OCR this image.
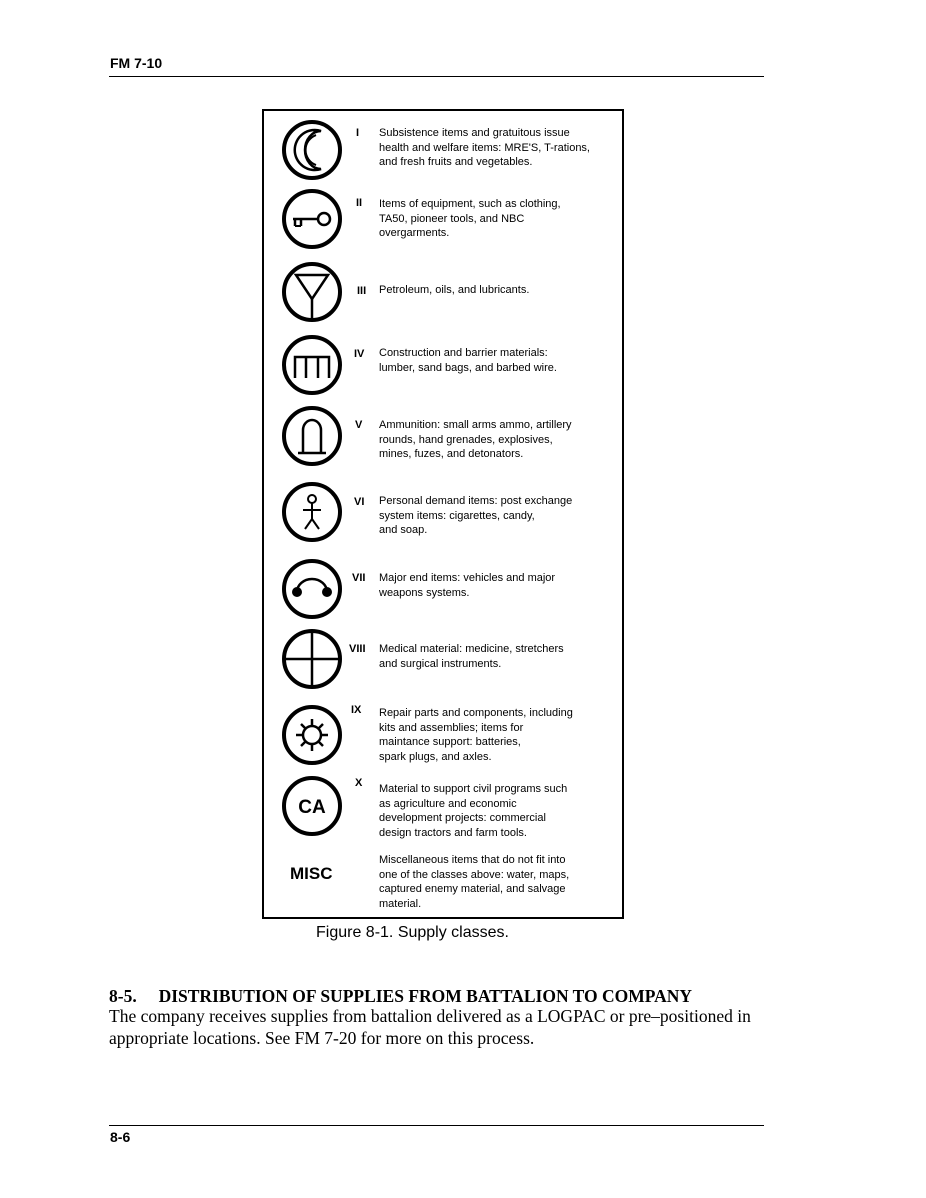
FM 7-10
I Subsistence items and gratuitous issue
health and welfare items: MRE'S, T-rations,
and fresh fruits and vegetables.
II Items of equipment, such as clothing,
TA50, pioneer tools, and NBC
overgarments.
III Petroleum, oils, and lubricants.
IV Construction and barrier materials:
lumber, sand bags, and barbed wire.
V Ammunition: small arms ammo, artillery
rounds, hand grenades, explosives,
mines, fuzes, and detonators.
VI Personal demand items: post exchange
system items: cigarettes, candy,
and soap.
VII Major end items: vehicles and major
weapons systems.
VIII Medical material: medicine, stretchers
and surgical instruments.
IX Repair parts and components, including
kits and assemblies; items for
maintance support: batteries,
spark plugs, and axles.
CA
X Material to support civil programs such
as agriculture and economic
development projects: commercial
design tractors and farm tools.
MISC
Miscellaneous items that do not fit into
one of the classes above: water, maps,
captured enemy material, and salvage
material.
Figure 8-1. Supply classes.
8-5. DISTRIBUTION OF SUPPLIES FROM BATTALION TO COMPANY
The company receives supplies from battalion delivered as a LOGPAC or pre–positioned in appropriate locations. See FM 7-20 for more on this process.
8-6
